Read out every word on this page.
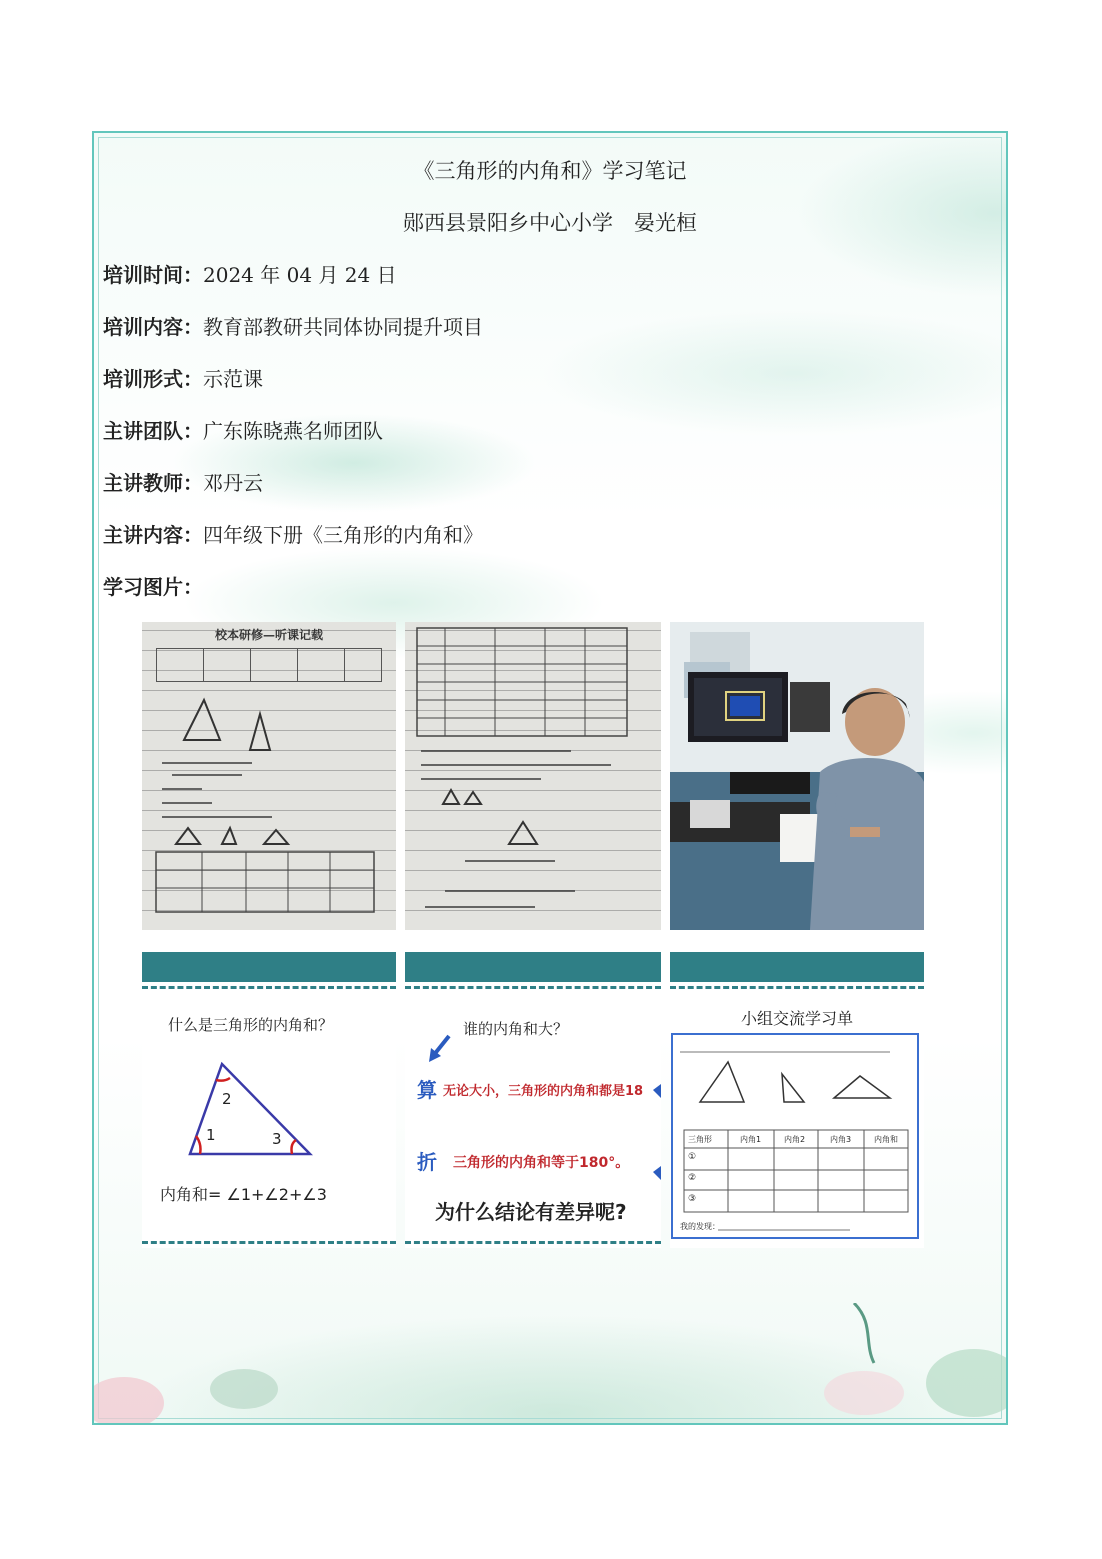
《三角形的内角和》学习笔记
郧西县景阳乡中心小学　晏光桓
培训时间：2024 年 04 月 24 日
培训内容：教育部教研共同体协同提升项目
培训形式：示范课
主讲团队：广东陈晓燕名师团队
主讲教师：邓丹云
主讲内容：四年级下册《三角形的内角和》
学习图片：
校本研修—听课记载
什么是三角形的内角和？
2
1	3
内角和= ∠1+∠2+∠3
谁的内角和大？
算 无论大小，三角形的内角和都是18
折 三角形的内角和等于180°。
为什么结论有差异呢?
小组交流学习单
三角形	内角1	内角2	内角3	内角和
①
②
③
我的发现：
